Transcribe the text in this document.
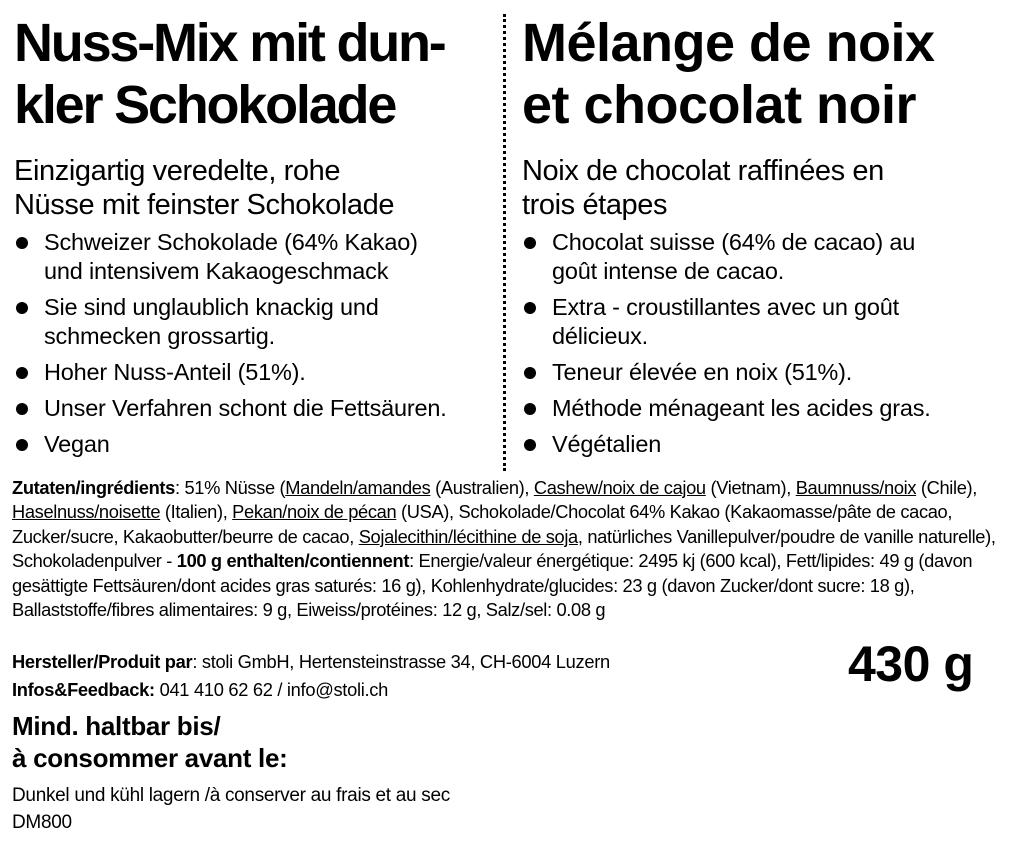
Nuss-Mix mit dun-
kler Schokolade

Einzigartig veredelte, rohe
Nüsse mit feinster Schokolade

Schweizer Schokolade (64% Kakao)
und intensivem Kakaogeschmack
Sie sind unglaublich knackig und
schmecken grossartig.
Hoher Nuss-Anteil (51%).
Unser Verfahren schont die Fettsäuren.
Vegan
Mélange de noix
et chocolat noir

Noix de chocolat raffinées en
trois étapes

Chocolat suisse (64% de cacao) au
goût intense de cacao.
Extra - croustillantes avec un goût
délicieux.
Teneur élevée en noix (51%).
Méthode ménageant les acides gras.
Végétalien
Zutaten/ingrédients: 51% Nüsse (Mandeln/amandes (Australien), Cashew/noix de cajou (Vietnam), Baumnuss/noix (Chile), Haselnuss/noisette (Italien), Pekan/noix de pécan (USA), Schokolade/Chocolat 64% Kakao (Kakaomasse/pâte de cacao, Zucker/sucre, Kakaobutter/beurre de cacao, Sojalecithin/lécithine de soja, natürliches Vanillepulver/poudre de vanille naturelle), Schokoladenpulver - 100 g enthalten/contiennent: Energie/valeur énergétique: 2495 kj (600 kcal), Fett/lipides: 49 g (davon gesättigte Fettsäuren/dont acides gras saturés: 16 g), Kohlenhydrate/glucides: 23 g (davon Zucker/dont sucre: 18 g), Ballaststoffe/fibres alimentaires: 9 g, Eiweiss/protéines: 12 g, Salz/sel: 0.08 g
Hersteller/Produit par: stoli GmbH, Hertensteinstrasse 34, CH-6004 Luzern
Infos&Feedback: 041 410 62 62 / info@stoli.ch	430 g
Mind. haltbar bis/
à consommer avant le:
Dunkel und kühl lagern /à conserver au frais et au sec
DM800
